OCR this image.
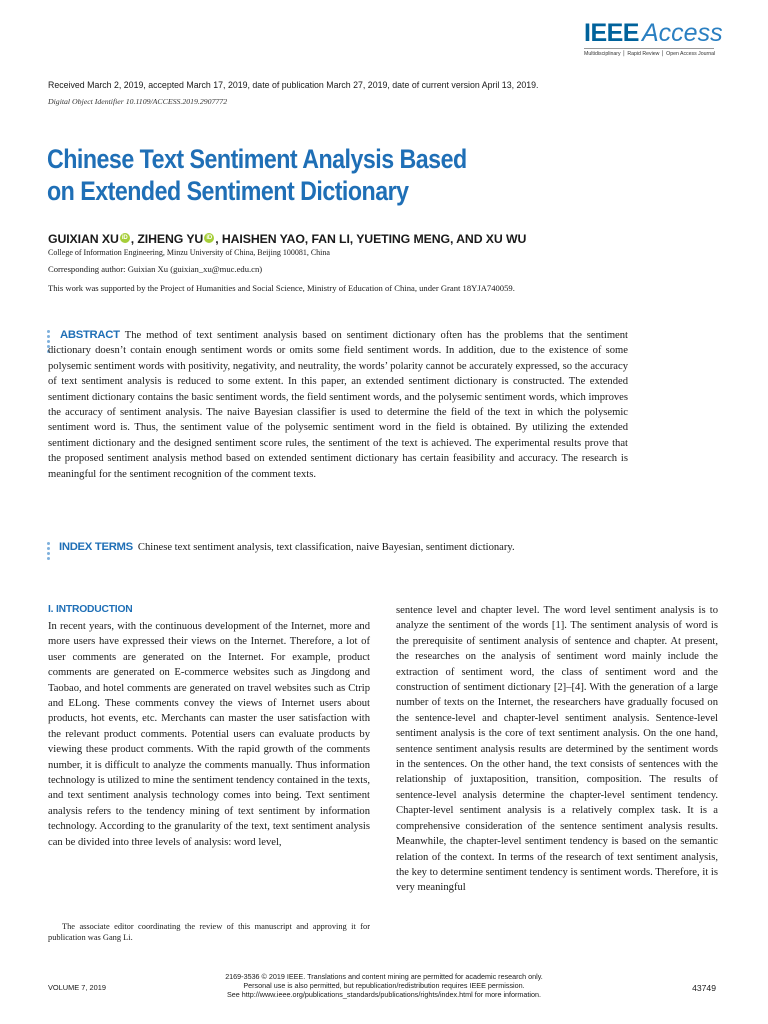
IEEE Access
Multidisciplinary ⎪ Rapid Review ⎪ Open Access Journal
Received March 2, 2019, accepted March 17, 2019, date of publication March 27, 2019, date of current version April 13, 2019.
Digital Object Identifier 10.1109/ACCESS.2019.2907772
Chinese Text Sentiment Analysis Based
on Extended Sentiment Dictionary
GUIXIAN XU iD , ZIHENG YU iD , HAISHEN YAO, FAN LI, YUETING MENG, AND XU WU
College of Information Engineering, Minzu University of China, Beijing 100081, China
Corresponding author: Guixian Xu (guixian_xu@muc.edu.cn)
This work was supported by the Project of Humanities and Social Science, Ministry of Education of China, under Grant 18YJA740059.
ABSTRACT The method of text sentiment analysis based on sentiment dictionary often has the problems that the sentiment dictionary doesn’t contain enough sentiment words or omits some field sentiment words. In addition, due to the existence of some polysemic sentiment words with positivity, negativity, and neutrality, the words’ polarity cannot be accurately expressed, so the accuracy of text sentiment analysis is reduced to some extent. In this paper, an extended sentiment dictionary is constructed. The extended sentiment dictionary contains the basic sentiment words, the field sentiment words, and the polysemic sentiment words, which improves the accuracy of sentiment analysis. The naive Bayesian classifier is used to determine the field of the text in which the polysemic sentiment word is. Thus, the sentiment value of the polysemic sentiment word in the field is obtained. By utilizing the extended sentiment dictionary and the designed sentiment score rules, the sentiment of the text is achieved. The experimental results prove that the proposed sentiment analysis method based on extended sentiment dictionary has certain feasibility and accuracy. The research is meaningful for the sentiment recognition of the comment texts.
INDEX TERMS Chinese text sentiment analysis, text classification, naive Bayesian, sentiment dictionary.
I. INTRODUCTION
In recent years, with the continuous development of the Internet, more and more users have expressed their views on the Internet. Therefore, a lot of user comments are generated on the Internet. For example, product comments are generated on E-commerce websites such as Jingdong and Taobao, and hotel comments are generated on travel websites such as Ctrip and ELong. These comments convey the views of Internet users about products, hot events, etc. Merchants can master the user satisfaction with the relevant product comments. Potential users can evaluate products by viewing these product comments. With the rapid growth of the comments number, it is difficult to analyze the comments manually. Thus information technology is utilized to mine the sentiment tendency contained in the texts, and text sentiment analysis technology comes into being. Text sentiment analysis refers to the tendency mining of text sentiment by information technology. According to the granularity of the text, text sentiment analysis can be divided into three levels of analysis: word level,
sentence level and chapter level. The word level sentiment analysis is to analyze the sentiment of the words [1]. The sentiment analysis of word is the prerequisite of sentiment analysis of sentence and chapter. At present, the researches on the analysis of sentiment word mainly include the extraction of sentiment word, the class of sentiment word and the construction of sentiment dictionary [2]–[4]. With the generation of a large number of texts on the Internet, the researchers have gradually focused on the sentence-level and chapter-level sentiment analysis. Sentence-level sentiment analysis is the core of text sentiment analysis. On the one hand, sentence sentiment analysis results are determined by the sentiment words in the sentences. On the other hand, the text consists of sentences with the relationship of juxtaposition, transition, composition. The results of sentence-level analysis determine the chapter-level sentiment tendency. Chapter-level sentiment analysis is a relatively complex task. It is a comprehensive consideration of the sentence sentiment analysis results. Meanwhile, the chapter-level sentiment tendency is based on the semantic relation of the context. In terms of the research of text sentiment analysis, the key to determine sentiment tendency is sentiment words. Therefore, it is very meaningful
The associate editor coordinating the review of this manuscript and approving it for publication was Gang Li.
VOLUME 7, 2019
2169-3536 © 2019 IEEE. Translations and content mining are permitted for academic research only.
Personal use is also permitted, but republication/redistribution requires IEEE permission.
See http://www.ieee.org/publications_standards/publications/rights/index.html for more information.
43749
